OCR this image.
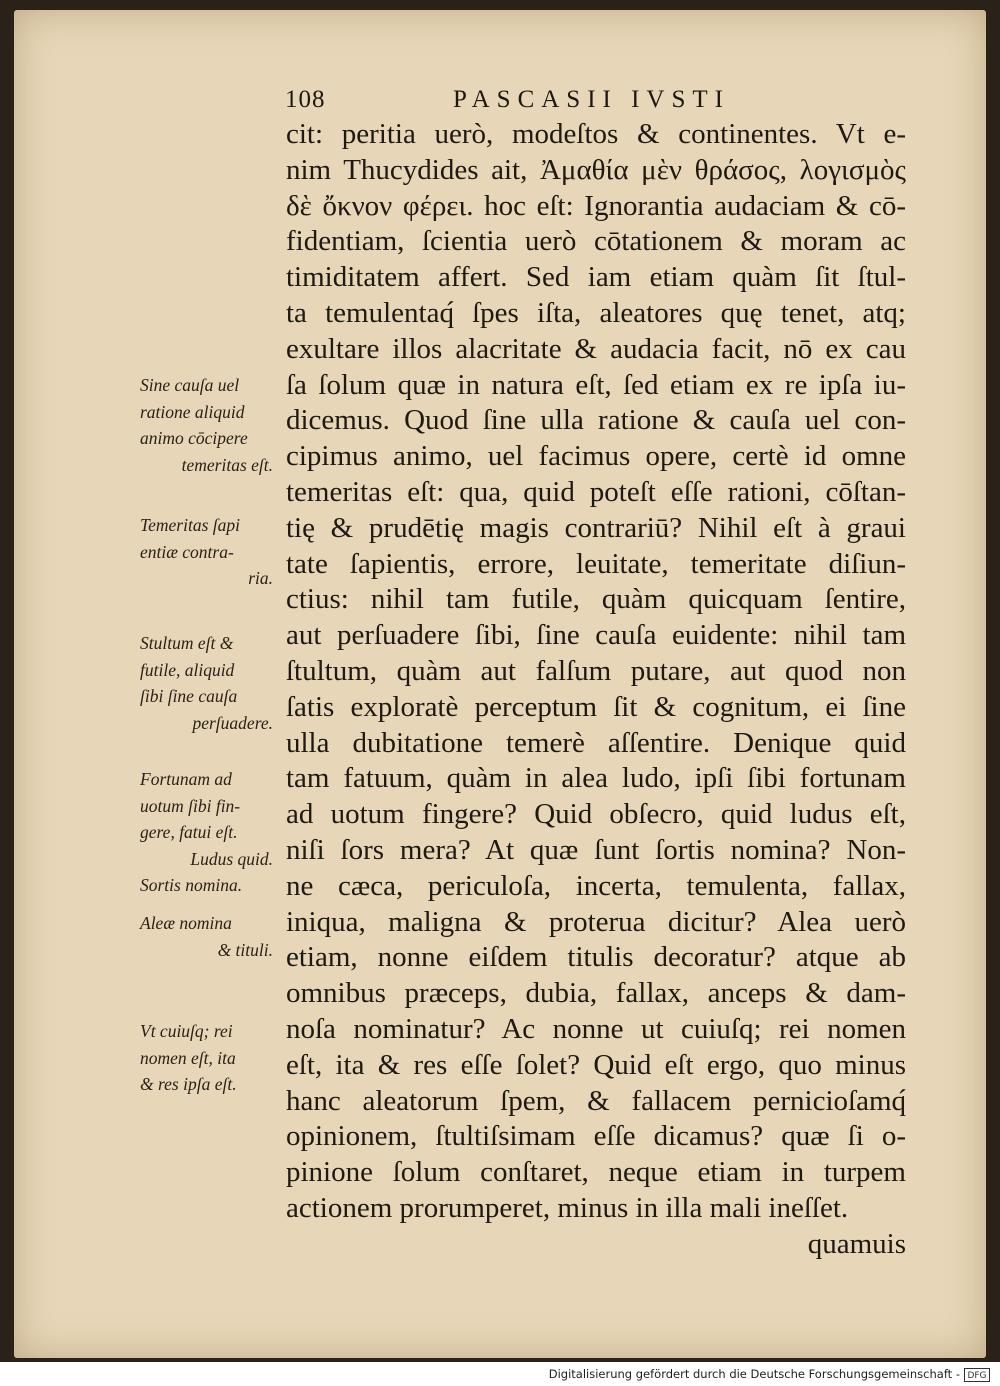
108	PASCASII IVSTI
cit: peritia uerò, modeſtos & continentes. Vt e-
nim Thucydides ait, Ἀμαθία μὲν θράσος, λογισμὸς
δὲ ὄκνον φέρει. hoc eſt: Ignorantia audaciam & cō-
fidentiam, ſcientia uerò cōtationem & moram ac
timiditatem affert. Sed iam etiam quàm ſit ſtul-
ta temulentaq́ ſpes iſta, aleatores quę tenet, atq;
exultare illos alacritate & audacia facit, nō ex cau
ſa ſolum quæ in natura eſt, ſed etiam ex re ipſa iu-
dicemus. Quod ſine ulla ratione & cauſa uel con-
cipimus animo, uel facimus opere, certè id omne
temeritas eſt: qua, quid poteſt eſſe rationi, cōſtan-
tię & prudētię magis contrariū? Nihil eſt à graui
tate ſapientis, errore, leuitate, temeritate diſiun-
ctius: nihil tam futile, quàm quicquam ſentire,
aut perſuadere ſibi, ſine cauſa euidente: nihil tam
ſtultum, quàm aut falſum putare, aut quod non
ſatis exploratè perceptum ſit & cognitum, ei ſine
ulla dubitatione temerè aſſentire. Denique quid
tam fatuum, quàm in alea ludo, ipſi ſibi fortunam
ad uotum fingere? Quid obſecro, quid ludus eſt,
niſi ſors mera? At quæ ſunt ſortis nomina? Non-
ne cæca, periculoſa, incerta, temulenta, fallax,
iniqua, maligna & proterua dicitur? Alea uerò
etiam, nonne eiſdem titulis decoratur? atque ab
omnibus præceps, dubia, fallax, anceps & dam-
noſa nominatur? Ac nonne ut cuiuſq; rei nomen
eſt, ita & res eſſe ſolet? Quid eſt ergo, quo minus
hanc aleatorum ſpem, & fallacem pernicioſamq́
opinionem, ſtultiſsimam eſſe dicamus? quæ ſi o-
pinione ſolum conſtaret, neque etiam in turpem
actionem prorumperet, minus in illa mali ineſſet.
quamuis
Sine cauſa uel
ratione aliquid
animo cōcipere
temeritas eſt.
Temeritas ſapi
entiæ contra-
ria.
Stultum eſt &
futile, aliquid
ſibi ſine cauſa
perſuadere.
Fortunam ad
uotum ſibi fin-
gere, fatui eſt.
Ludus quid.
Sortis nomina.
Aleæ nomina
& tituli.
Vt cuiuſq; rei
nomen eſt, ita
& res ipſa eſt.
Digitalisierung gefördert durch die Deutsche Forschungsgemeinschaft - DFG
